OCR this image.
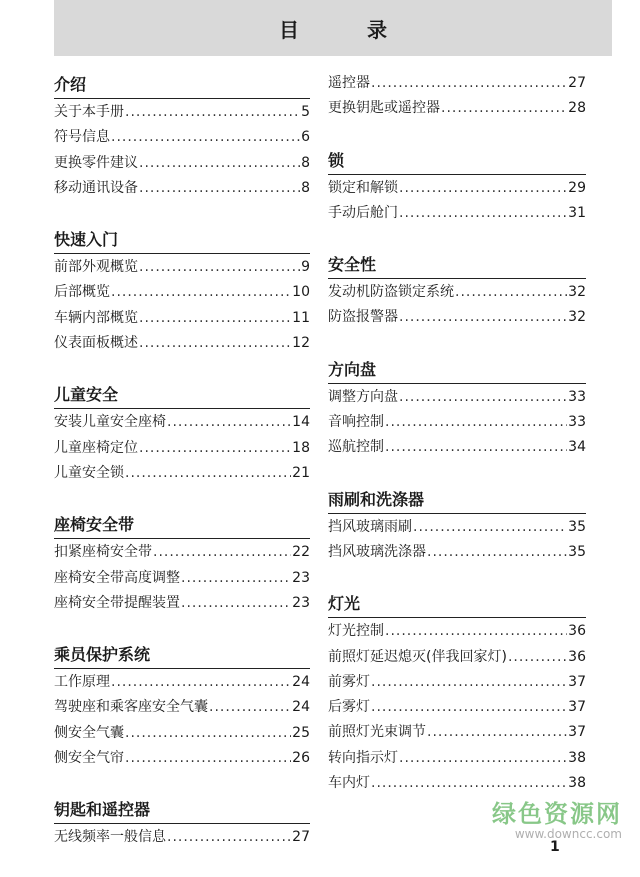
目　录
介绍
关于本手册 .....	5
符号信息 .....	6
更换零件建议 .....	8
移动通讯设备 .....	8
快速入门
前部外观概览 .....	9
后部概览 .....	10
车辆内部概览 .....	11
仪表面板概述 .....	12
儿童安全
安装儿童安全座椅 .....	14
儿童座椅定位 .....	18
儿童安全锁 .....	21
座椅安全带
扣紧座椅安全带 .....	22
座椅安全带高度调整 .....	23
座椅安全带提醒装置 .....	23
乘员保护系统
工作原理 .....	24
驾驶座和乘客座安全气囊 .....	24
侧安全气囊 .....	25
侧安全气帘 .....	26
钥匙和遥控器
无线频率一般信息 .....	27
遥控器 .....	27
更换钥匙或遥控器 .....	28
锁
锁定和解锁 .....	29
手动后舱门 .....	31
安全性
发动机防盗锁定系统 .....	32
防盗报警器 .....	32
方向盘
调整方向盘 .....	33
音响控制 .....	33
巡航控制 .....	34
雨刷和洗涤器
挡风玻璃雨刷 .....	35
挡风玻璃洗涤器 .....	35
灯光
灯光控制 .....	36
前照灯延迟熄灭(伴我回家灯) .....	36
前雾灯 .....	37
后雾灯 .....	37
前照灯光束调节 .....	37
转向指示灯 .....	38
车内灯 .....	38
1
绿色资源网
www.downcc.com
